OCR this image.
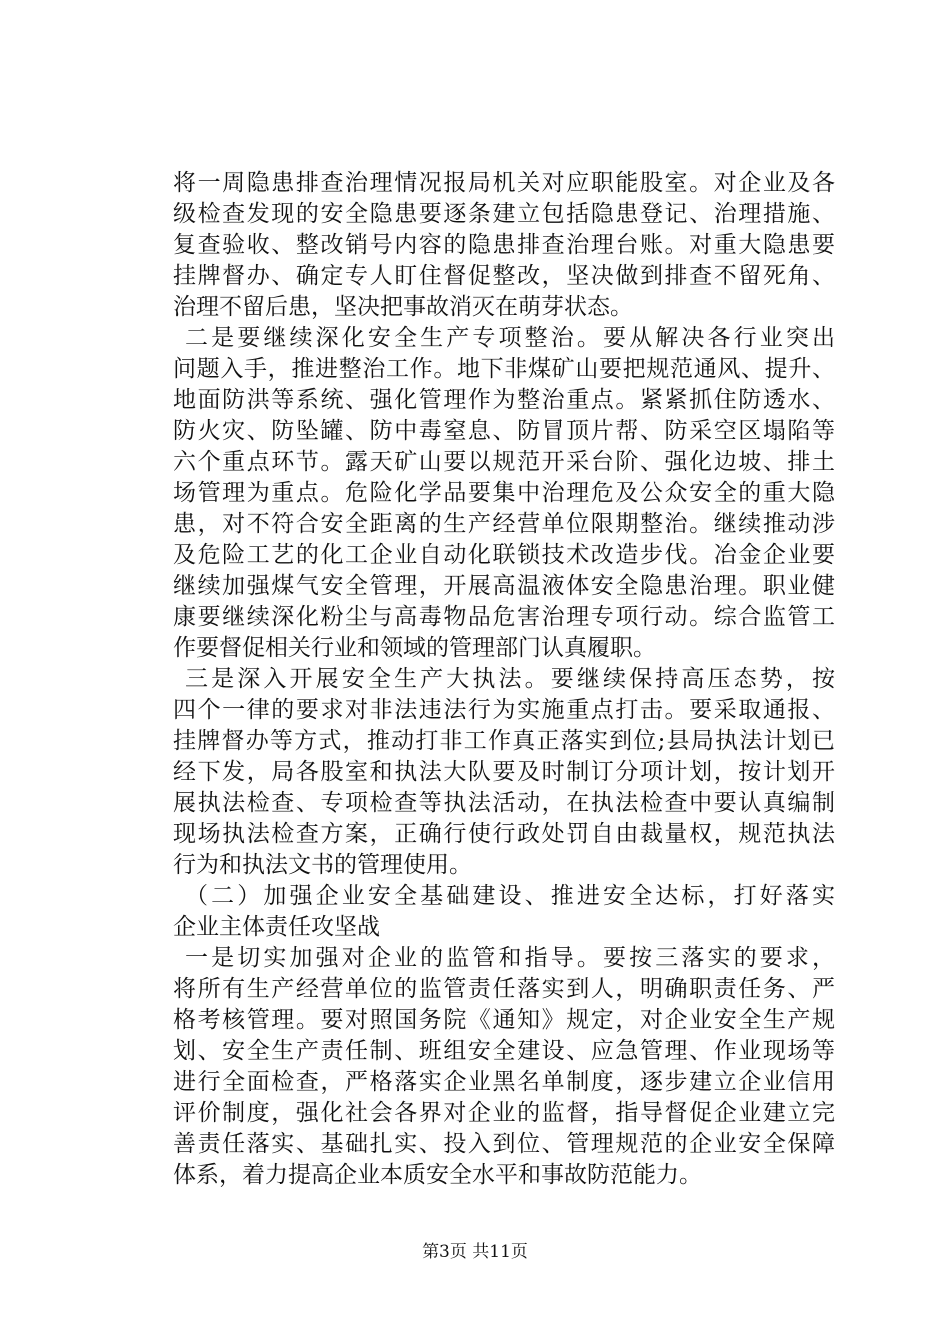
将一周隐患排查治理情况报局机关对应职能股室。对企业及各
级检查发现的安全隐患要逐条建立包括隐患登记、治理措施、
复查验收、整改销号内容的隐患排查治理台账。对重大隐患要
挂牌督办、确定专人盯住督促整改，坚决做到排查不留死角、
治理不留后患，坚决把事故消灭在萌芽状态。
二是要继续深化安全生产专项整治。要从解决各行业突出
问题入手，推进整治工作。地下非煤矿山要把规范通风、提升、
地面防洪等系统、强化管理作为整治重点。紧紧抓住防透水、
防火灾、防坠罐、防中毒窒息、防冒顶片帮、防采空区塌陷等
六个重点环节。露天矿山要以规范开采台阶、强化边坡、排土
场管理为重点。危险化学品要集中治理危及公众安全的重大隐
患，对不符合安全距离的生产经营单位限期整治。继续推动涉
及危险工艺的化工企业自动化联锁技术改造步伐。冶金企业要
继续加强煤气安全管理，开展高温液体安全隐患治理。职业健
康要继续深化粉尘与高毒物品危害治理专项行动。综合监管工
作要督促相关行业和领域的管理部门认真履职。
三是深入开展安全生产大执法。要继续保持高压态势，按
四个一律的要求对非法违法行为实施重点打击。要采取通报、
挂牌督办等方式，推动打非工作真正落实到位;县局执法计划已
经下发，局各股室和执法大队要及时制订分项计划，按计划开
展执法检查、专项检查等执法活动，在执法检查中要认真编制
现场执法检查方案，正确行使行政处罚自由裁量权，规范执法
行为和执法文书的管理使用。
（二）加强企业安全基础建设、推进安全达标，打好落实
企业主体责任攻坚战
一是切实加强对企业的监管和指导。要按三落实的要求，
将所有生产经营单位的监管责任落实到人，明确职责任务、严
格考核管理。要对照国务院《通知》规定，对企业安全生产规
划、安全生产责任制、班组安全建设、应急管理、作业现场等
进行全面检查，严格落实企业黑名单制度，逐步建立企业信用
评价制度，强化社会各界对企业的监督，指导督促企业建立完
善责任落实、基础扎实、投入到位、管理规范的企业安全保障
体系，着力提高企业本质安全水平和事故防范能力。
第3页 共11页
